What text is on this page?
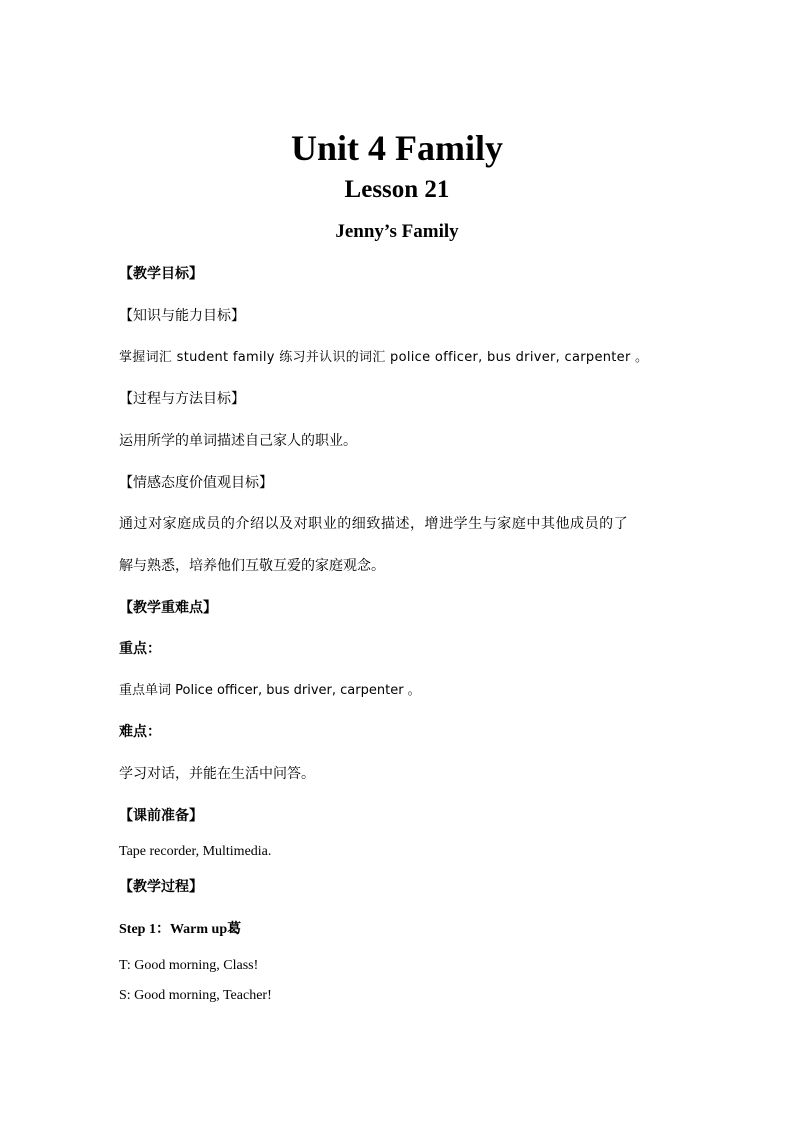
Unit 4 Family
Lesson 21
Jenny’s Family
【教学目标】
【知识与能力目标】
掌握词汇 student family 练习并认识的词汇 police officer, bus driver, carpenter 。
【过程与方法目标】
运用所学的单词描述自己家人的职业。
【情感态度价值观目标】
通过对家庭成员的介绍以及对职业的细致描述，增进学生与家庭中其他成员的了
解与熟悉，培养他们互敬互爱的家庭观念。
【教学重难点】
重点：
重点单词 Police officer, bus driver, carpenter 。
难点：
学习对话，并能在生活中问答。
【课前准备】
Tape recorder, Multimedia.
【教学过程】
Step 1：Warm up葛
T: Good morning, Class!
S: Good morning, Teacher!
